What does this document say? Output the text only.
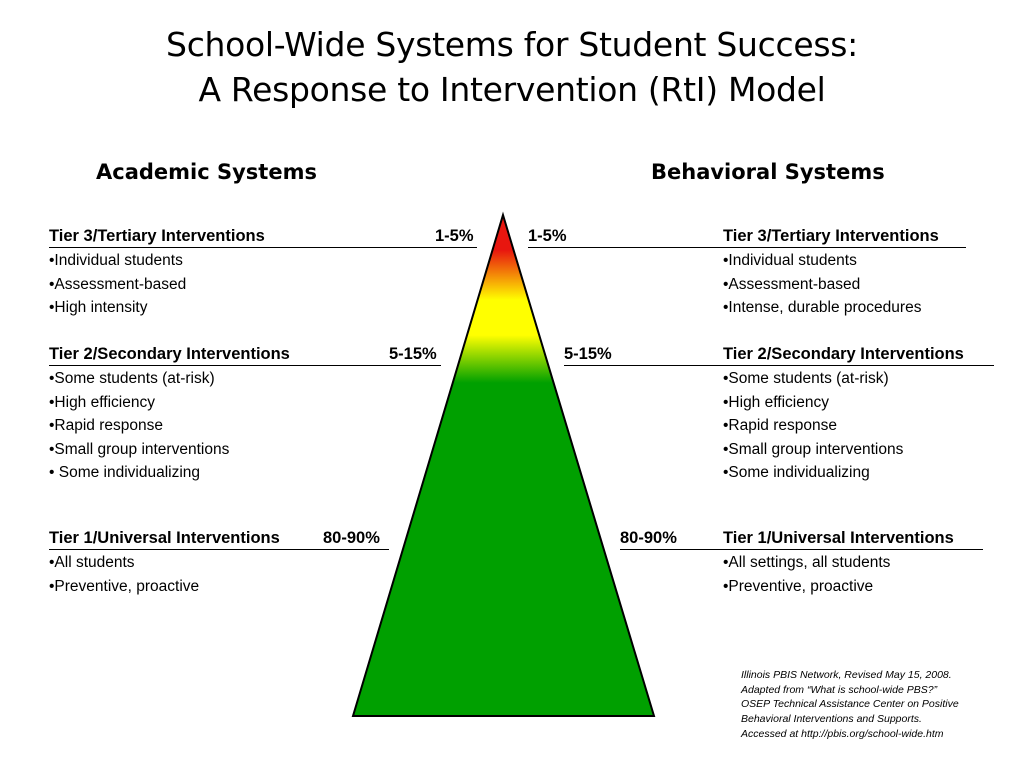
School-Wide Systems for Student Success:
A Response to Intervention (RtI) Model
Academic Systems	Behavioral Systems
Tier 3/Tertiary Interventions	1-5%
•Individual students
•Assessment-based
•High intensity
Tier 2/Secondary Interventions	5-15%
•Some students (at-risk)
•High efficiency
•Rapid response
•Small group interventions
• Some individualizing
Tier 1/Universal Interventions	80-90%
•All students
•Preventive, proactive
1-5%	Tier 3/Tertiary Interventions
•Individual students
•Assessment-based
•Intense, durable procedures
5-15%	Tier 2/Secondary Interventions
•Some students (at-risk)
•High efficiency
•Rapid response
•Small group interventions
•Some individualizing
80-90%	Tier 1/Universal Interventions
•All settings, all students
•Preventive, proactive
Illinois PBIS Network, Revised May 15, 2008.
Adapted from “What is school-wide PBS?”
OSEP Technical Assistance Center on Positive
Behavioral Interventions and Supports.
Accessed at http://pbis.org/school-wide.htm
